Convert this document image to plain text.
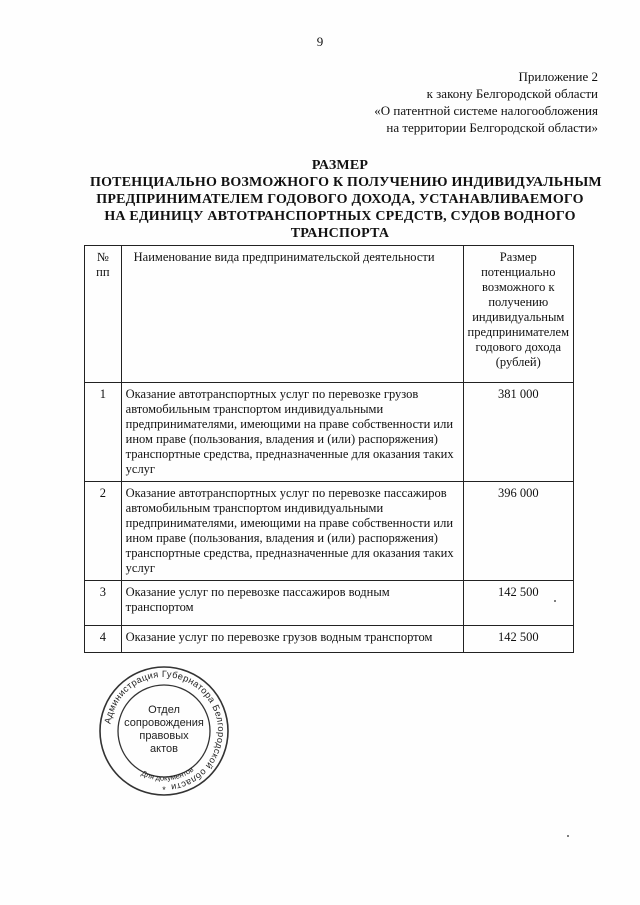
9
Приложение 2
к закону Белгородской области
«О патентной системе налогообложения
на территории Белгородской области»
РАЗМЕР
ПОТЕНЦИАЛЬНО ВОЗМОЖНОГО К ПОЛУЧЕНИЮ ИНДИВИДУАЛЬНЫМ
ПРЕДПРИНИМАТЕЛЕМ ГОДОВОГО ДОХОДА, УСТАНАВЛИВАЕМОГО
НА ЕДИНИЦУ АВТОТРАНСПОРТНЫХ СРЕДСТВ, СУДОВ ВОДНОГО
ТРАНСПОРТА
№ пп	Наименование вида предпринимательской деятельности	Размер потенциально возможного к получению индивидуальным предпринимателем годового дохода (рублей)
1	Оказание автотранспортных услуг по перевозке грузов автомобильным транспортом индивидуальными предпринимателями, имеющими на праве собственности или ином праве (пользования, владения и (или) распоряжения) транспортные средства, предназначенные для оказания таких услуг	381 000
2	Оказание автотранспортных услуг по перевозке пассажиров автомобильным транспортом индивидуальными предпринимателями, имеющими на праве собственности или ином праве (пользования, владения и (или) распоряжения) транспортные средства, предназначенные для оказания таких услуг	396 000
3	Оказание услуг по перевозке пассажиров водным транспортом	142 500
4	Оказание услуг по перевозке грузов водным транспортом	142 500
Администрация Губернатора Белгородской области
Для документов
*
Отдел
сопровождения
правовых
актов
